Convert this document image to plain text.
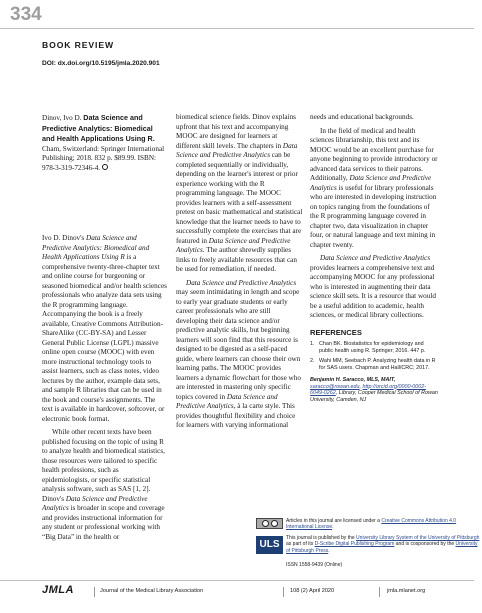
334
BOOK REVIEW
DOI: dx.doi.org/10.5195/jmla.2020.901

Dinov, Ivo D. Data Science and Predictive Analytics: Biomedical and Health Applications Using R. Cham, Switzerland: Springer International Publishing; 2018. 832 p. $89.99. ISBN: 978-3-319-72346-4.

Ivo D. Dinov's Data Science and Predictive Analytics: Biomedical and Health Applications Using R is a comprehensive twenty-three-chapter text and online course for burgeoning or seasoned biomedical and/or health sciences professionals who analyze data sets using the R programming language. Accompanying the book is a freely available, Creative Commons Attribution-ShareAlike (CC-BY-SA) and Lesser General Public License (LGPL) massive online open course (MOOC) with even more instructional technology tools to assist learners, such as class notes, video lectures by the author, example data sets, and sample R libraries that can be used in the book and course's assignments. The text is available in hardcover, softcover, or electronic book format.

While other recent texts have been published focusing on the topic of using R to analyze health and biomedical statistics, those resources were tailored to specific health professions, such as epidemiologists, or specific statistical analysis software, such as SAS [1, 2]. Dinov's Data Science and Predictive Analytics is broader in scope and coverage and provides instructional information for any student or professional working with “Big Data” in the health or

biomedical science fields. Dinov explains upfront that his text and accompanying MOOC are designed for learners at different skill levels. The chapters in Data Science and Predictive Analytics can be completed sequentially or individually, depending on the learner's interest or prior experience working with the R programming language. The MOOC provides learners with a self-assessment pretest on basic mathematical and statistical knowledge that the learner needs to have to successfully complete the exercises that are featured in Data Science and Predictive Analytics. The author shrewdly supplies links to freely available resources that can be used for remediation, if needed.

Data Science and Predictive Analytics may seem intimidating in length and scope to early year graduate students or early career professionals who are still developing their data science and/or predictive analytic skills, but beginning learners will soon find that this resource is designed to be digested as a self-paced guide, where learners can choose their own learning paths. The MOOC provides learners a dynamic flowchart for those who are interested in mastering only specific topics covered in Data Science and Predictive Analytics, à la carte style. This provides thoughtful flexibility and choice for learners with varying informational

needs and educational backgrounds.

In the field of medical and health sciences librarianship, this text and its MOOC would be an excellent purchase for anyone beginning to provide introductory or advanced data services to their patrons. Additionally, Data Science and Predictive Analytics is useful for library professionals who are interested in developing instruction on topics ranging from the foundations of the R programming language covered in chapter two, data visualization in chapter four, or natural language and text mining in chapter twenty.

Data Science and Predictive Analytics provides learners a comprehensive text and accompanying MOOC for any professional who is interested in augmenting their data science skill sets. It is a resource that would be a useful addition to academic, health sciences, or medical library collections.

REFERENCES
1. Chan BK. Biostatistics for epidemiology and public health using R. Springer; 2016. 447 p.
2. Wahi MM, Seebach P. Analyzing health data in R for SAS users. Chapman and Hall/CRC; 2017.
Benjamin H. Saracco, MLS, MAIT, saracco@rowan.edu, http://orcid.org/0000-0002-6049-0262, Library, Cooper Medical School of Rowan University, Camden, NJ
Articles in this journal are licensed under a Creative Commons Attribution 4.0 International License.
ULS
This journal is published by the University Library System of the University of Pittsburgh as part of its D-Scribe Digital Publishing Program and is cosponsored by the University of Pittsburgh Press.
ISSN 1558-9439 (Online)
JMLA	Journal of the Medical Library Association	108 (2) April 2020	jmla.mlanet.org
